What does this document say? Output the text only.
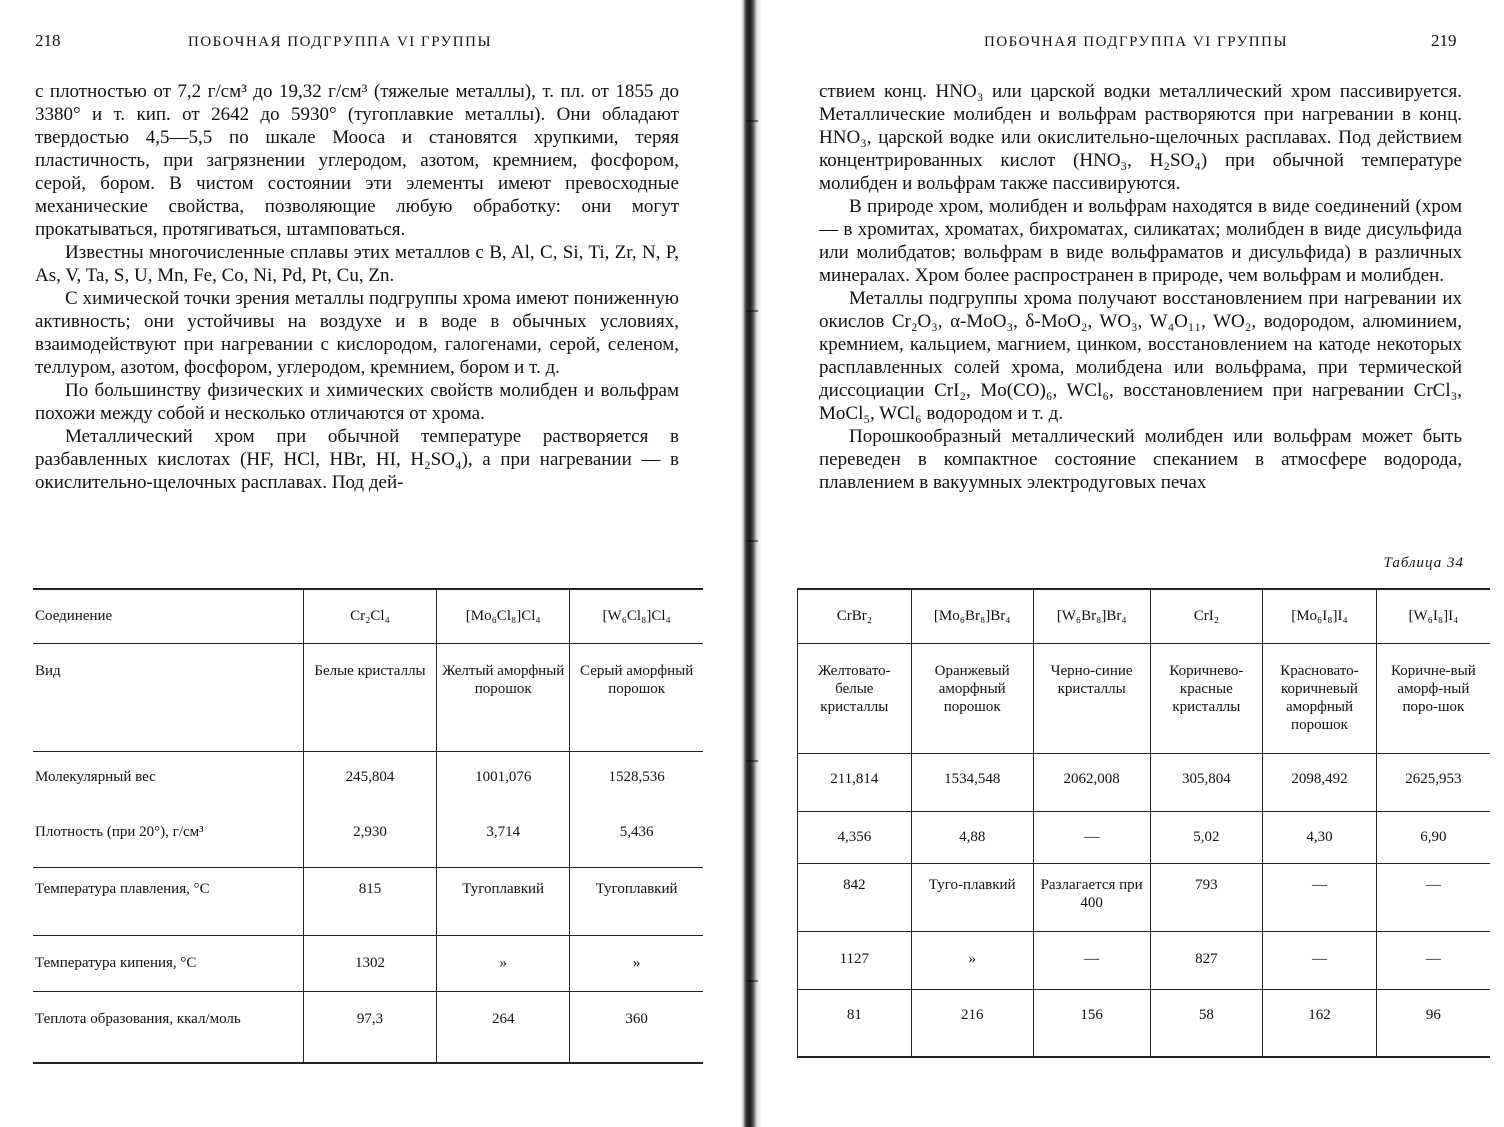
218	ПОБОЧНАЯ ПОДГРУППА VI ГРУППЫ

с плотностью от 7,2 г/см³ до 19,32 г/см³ (тяжелые металлы), т. пл. от 1855 до 3380° и т. кип. от 2642 до 5930° (тугоплавкие металлы). Они обладают твердостью 4,5—5,5 по шкале Мооса и становятся хрупкими, теряя пластичность, при загрязнении углеродом, азотом, кремнием, фосфором, серой, бором. В чистом состоянии эти элементы имеют превосходные механические свойства, позволяющие любую обработку: они могут прокатываться, протягиваться, штамповаться.

Известны многочисленные сплавы этих металлов с B, Al, C, Si, Ti, Zr, N, P, As, V, Ta, S, U, Mn, Fe, Co, Ni, Pd, Pt, Cu, Zn.

С химической точки зрения металлы подгруппы хрома имеют пониженную активность; они устойчивы на воздухе и в воде в обычных условиях, взаимодействуют при нагревании с кислородом, галогенами, серой, селеном, теллуром, азотом, фосфором, углеродом, кремнием, бором и т. д.

По большинству физических и химических свойств молибден и вольфрам похожи между собой и несколько отличаются от хрома.

Металлический хром при обычной температуре растворяется в разбавленных кислотах (HF, HCl, HBr, HI, H₂SO₄), а при нагревании — в окислительно-щелочных расплавах. Под дей-

Соединение	Cr₂Cl₄	[Mo₆Cl₈]Cl₄	[W₆Cl₈]Cl₄
Вид	Белые кристаллы	Желтый аморфный порошок	Серый аморфный порошок
Молекулярный вес	245,804	1001,076	1528,536
Плотность (при 20°), г/см³	2,930	3,714	5,436
Температура плавления, °C	815	Тугоплавкий	Тугоплавкий
Температура кипения, °C	1302	»	»
Теплота образования, ккал/моль	97,3	264	360
ПОБОЧНАЯ ПОДГРУППА VI ГРУППЫ	219

ствием конц. HNO₃ или царской водки металлический хром пассивируется. Металлические молибден и вольфрам растворяются при нагревании в конц. HNO₃, царской водке или окислительно-щелочных расплавах. Под действием концентрированных кислот (HNO₃, H₂SO₄) при обычной температуре молибден и вольфрам также пассивируются.

В природе хром, молибден и вольфрам находятся в виде соединений (хром — в хромитах, хроматах, бихроматах, силикатах; молибден в виде дисульфида или молибдатов; вольфрам в виде вольфраматов и дисульфида) в различных минералах. Хром более распространен в природе, чем вольфрам и молибден.

Металлы подгруппы хрома получают восстановлением при нагревании их окислов Cr₂O₃, α-MoO₃, δ-MoO₂, WO₃, W₄O₁₁, WO₂, водородом, алюминием, кремнием, кальцием, магнием, цинком, восстановлением на катоде некоторых расплавленных солей хрома, молибдена или вольфрама, при термической диссоциации CrI₂, Mo(CO)₆, WCl₆, восстановлением при нагревании CrCl₃, MoCl₅, WCl₆ водородом и т. д.

Порошкообразный металлический молибден или вольфрам может быть переведен в компактное состояние спеканием в атмосфере водорода, плавлением в вакуумных электродуговых печах

Таблица 34
CrBr₂	[Mo₆Br₈]Br₄	[W₆Br₈]Br₄	CrI₂	[Mo₆I₈]I₄	[W₆I₈]I₄
Желтовато-белые кристаллы	Оранжевый аморфный порошок	Черно-синие кристаллы	Коричнево-красные кристаллы	Красновато-коричневый аморфный порошок	Коричне-вый аморф-ный поро-шок
211,814	1534,548	2062,008	305,804	2098,492	2625,953
4,356	4,88	—	5,02	4,30	6,90
842	Туго-плавкий	Разлагается при 400	793	—	—
1127	»	—	827	—	—
81	216	156	58	162	96
